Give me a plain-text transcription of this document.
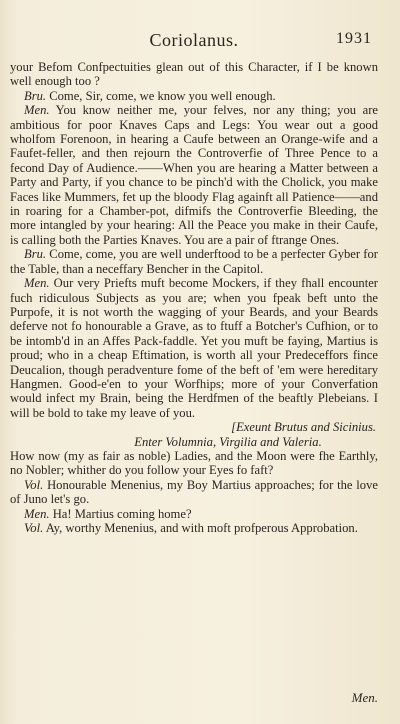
Coriolanus.	1931

your Befom Confpectuities glean out of this Character, if I be known well enough too ?

Bru. Come, Sir, come, we know you well enough.

Men. You know neither me, your felves, nor any thing; you are ambitious for poor Knaves Caps and Legs: You wear out a good wholfom Forenoon, in hearing a Caufe between an Orange-wife and a Faufet-feller, and then rejourn the Controverfie of Three Pence to a fecond Day of Audience.——When you are hearing a Matter between a Party and Party, if you chance to be pinch'd with the Cholick, you make Faces like Mummers, fet up the bloody Flag againft all Patience——and in roaring for a Chamber-pot, difmifs the Controverfie Bleeding, the more intangled by your hearing: All the Peace you make in their Caufe, is calling both the Parties Knaves. You are a pair of ftrange Ones.

Bru. Come, come, you are well underftood to be a perfecter Gyber for the Table, than a neceffary Bencher in the Capitol.

Men. Our very Priefts muft become Mockers, if they fhall encounter fuch ridiculous Subjects as you are; when you fpeak beft unto the Purpofe, it is not worth the wagging of your Beards, and your Beards deferve not fo honourable a Grave, as to ftuff a Botcher's Cufhion, or to be intomb'd in an Affes Pack-faddle. Yet you muft be faying, Martius is proud; who in a cheap Eftimation, is worth all your Predeceffors fince Deucalion, though peradventure fome of the beft of 'em were hereditary Hangmen. Good-e'en to your Worfhips; more of your Converfation would infect my Brain, being the Herdfmen of the beaftly Plebeians. I will be bold to take my leave of you.

[Exeunt Brutus and Sicinius.

Enter Volumnia, Virgilia and Valeria.

How now (my as fair as noble) Ladies, and the Moon were fhe Earthly, no Nobler; whither do you follow your Eyes fo faft?

Vol. Honourable Menenius, my Boy Martius approaches; for the love of Juno let's go.

Men. Ha! Martius coming home?

Vol. Ay, worthy Menenius, and with moft profperous Approbation.

Men.
